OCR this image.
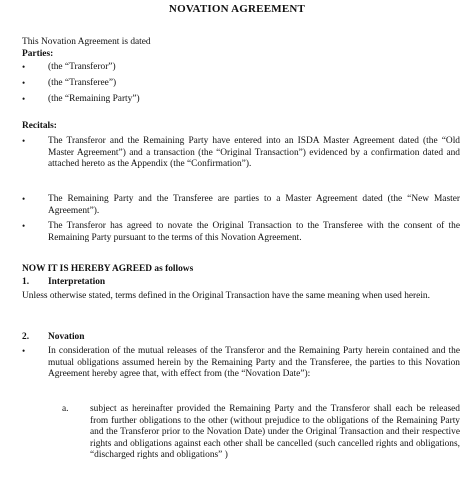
NOVATION AGREEMENT
This Novation Agreement is dated
Parties:
•	(the “Transferor”)
•	(the “Transferee”)
•	(the “Remaining Party”)
Recitals:
•	The Transferor and the Remaining Party have entered into an ISDA Master Agreement dated (the “Old Master Agreement”) and a transaction (the “Original Transaction”) evidenced by a confirmation dated and attached hereto as the Appendix (the “Confirmation”).
•	The Remaining Party and the Transferee are parties to a Master Agreement dated (the “New Master Agreement”).
•	The Transferor has agreed to novate the Original Transaction to the Transferee with the consent of the Remaining Party pursuant to the terms of this Novation Agreement.
NOW IT IS HEREBY AGREED as follows
1.	Interpretation
Unless otherwise stated, terms defined in the Original Transaction have the same meaning when used herein.
2.	Novation
•	In consideration of the mutual releases of the Transferor and the Remaining Party herein contained and the mutual obligations assumed herein by the Remaining Party and the Transferee, the parties to this Novation Agreement hereby agree that, with effect from (the “Novation Date”):
a.	subject as hereinafter provided the Remaining Party and the Transferor shall each be released from further obligations to the other (without prejudice to the obligations of the Remaining Party and the Transferor prior to the Novation Date) under the Original Transaction and their respective rights and obligations against each other shall be cancelled (such cancelled rights and obligations, “discharged rights and obligations” )
